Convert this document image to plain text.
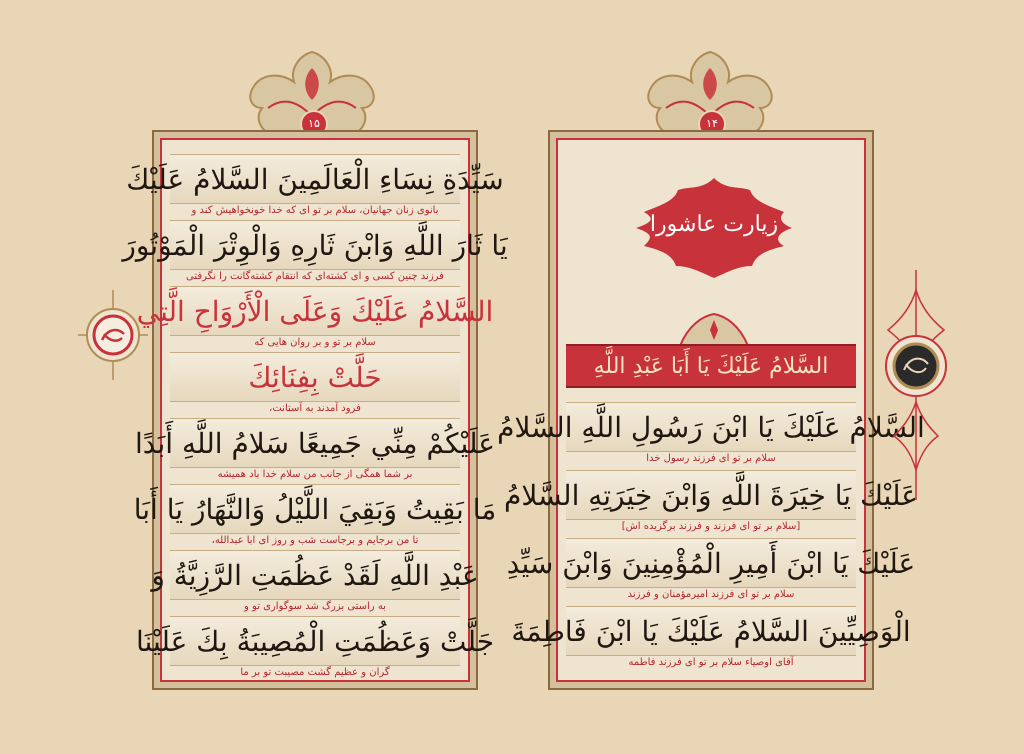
۱۵
سَيِّدَةِ نِسَاءِ الْعَالَمِينَ السَّلامُ عَلَيْكَ
بانوی زنان جهانیان، سلام بر تو ای که خدا خونخواهیش کند و
يَا ثَارَ اللَّهِ وَابْنَ ثَارِهِ وَالْوِتْرَ الْمَوْتُورَ
فرزند چنین کسی و ای کشته‌ای که انتقام کشته‌گانت را نگرفتی
السَّلامُ عَلَيْكَ وَعَلَى الْأَرْوَاحِ الَّتِي
سلام بر تو و بر روان هایی که
حَلَّتْ بِفِنَائِكَ
فرود آمدند به آستانت،
عَلَيْكُمْ مِنِّي جَمِيعًا سَلامُ اللَّهِ أَبَدًا
بر شما همگی از جانب من سلام خدا باد همیشه
مَا بَقِيتُ وَبَقِيَ اللَّيْلُ وَالنَّهَارُ يَا أَبَا
تا من برجایم و برجاست شب و روز ای ابا عبدالله،
عَبْدِ اللَّهِ لَقَدْ عَظُمَتِ الرَّزِيَّةُ وَ
به راستی بزرگ شد سوگواری تو و
جَلَّتْ وَعَظُمَتِ الْمُصِيبَةُ بِكَ عَلَيْنَا
گران و عظیم گشت مصیبت تو بر ما
۱۴
زیارت عاشورا
السَّلامُ عَلَيْكَ يَا أَبَا عَبْدِ اللَّهِ
السَّلامُ عَلَيْكَ يَا ابْنَ رَسُولِ اللَّهِ السَّلامُ
سلام بر تو ای فرزند رسول خدا
عَلَيْكَ يَا خِيَرَةَ اللَّهِ وَابْنَ خِيَرَتِهِ السَّلامُ
[سلام بر تو ای فرزند و فرزند برگزیده اش]
عَلَيْكَ يَا ابْنَ أَمِيرِ الْمُؤْمِنِينَ وَابْنَ سَيِّدِ
سلام بر تو ای فرزند امیرمؤمنان و فرزند
الْوَصِيِّينَ السَّلامُ عَلَيْكَ يَا ابْنَ فَاطِمَةَ
آقای اوصیاء سلام بر تو ای فرزند فاطمه
